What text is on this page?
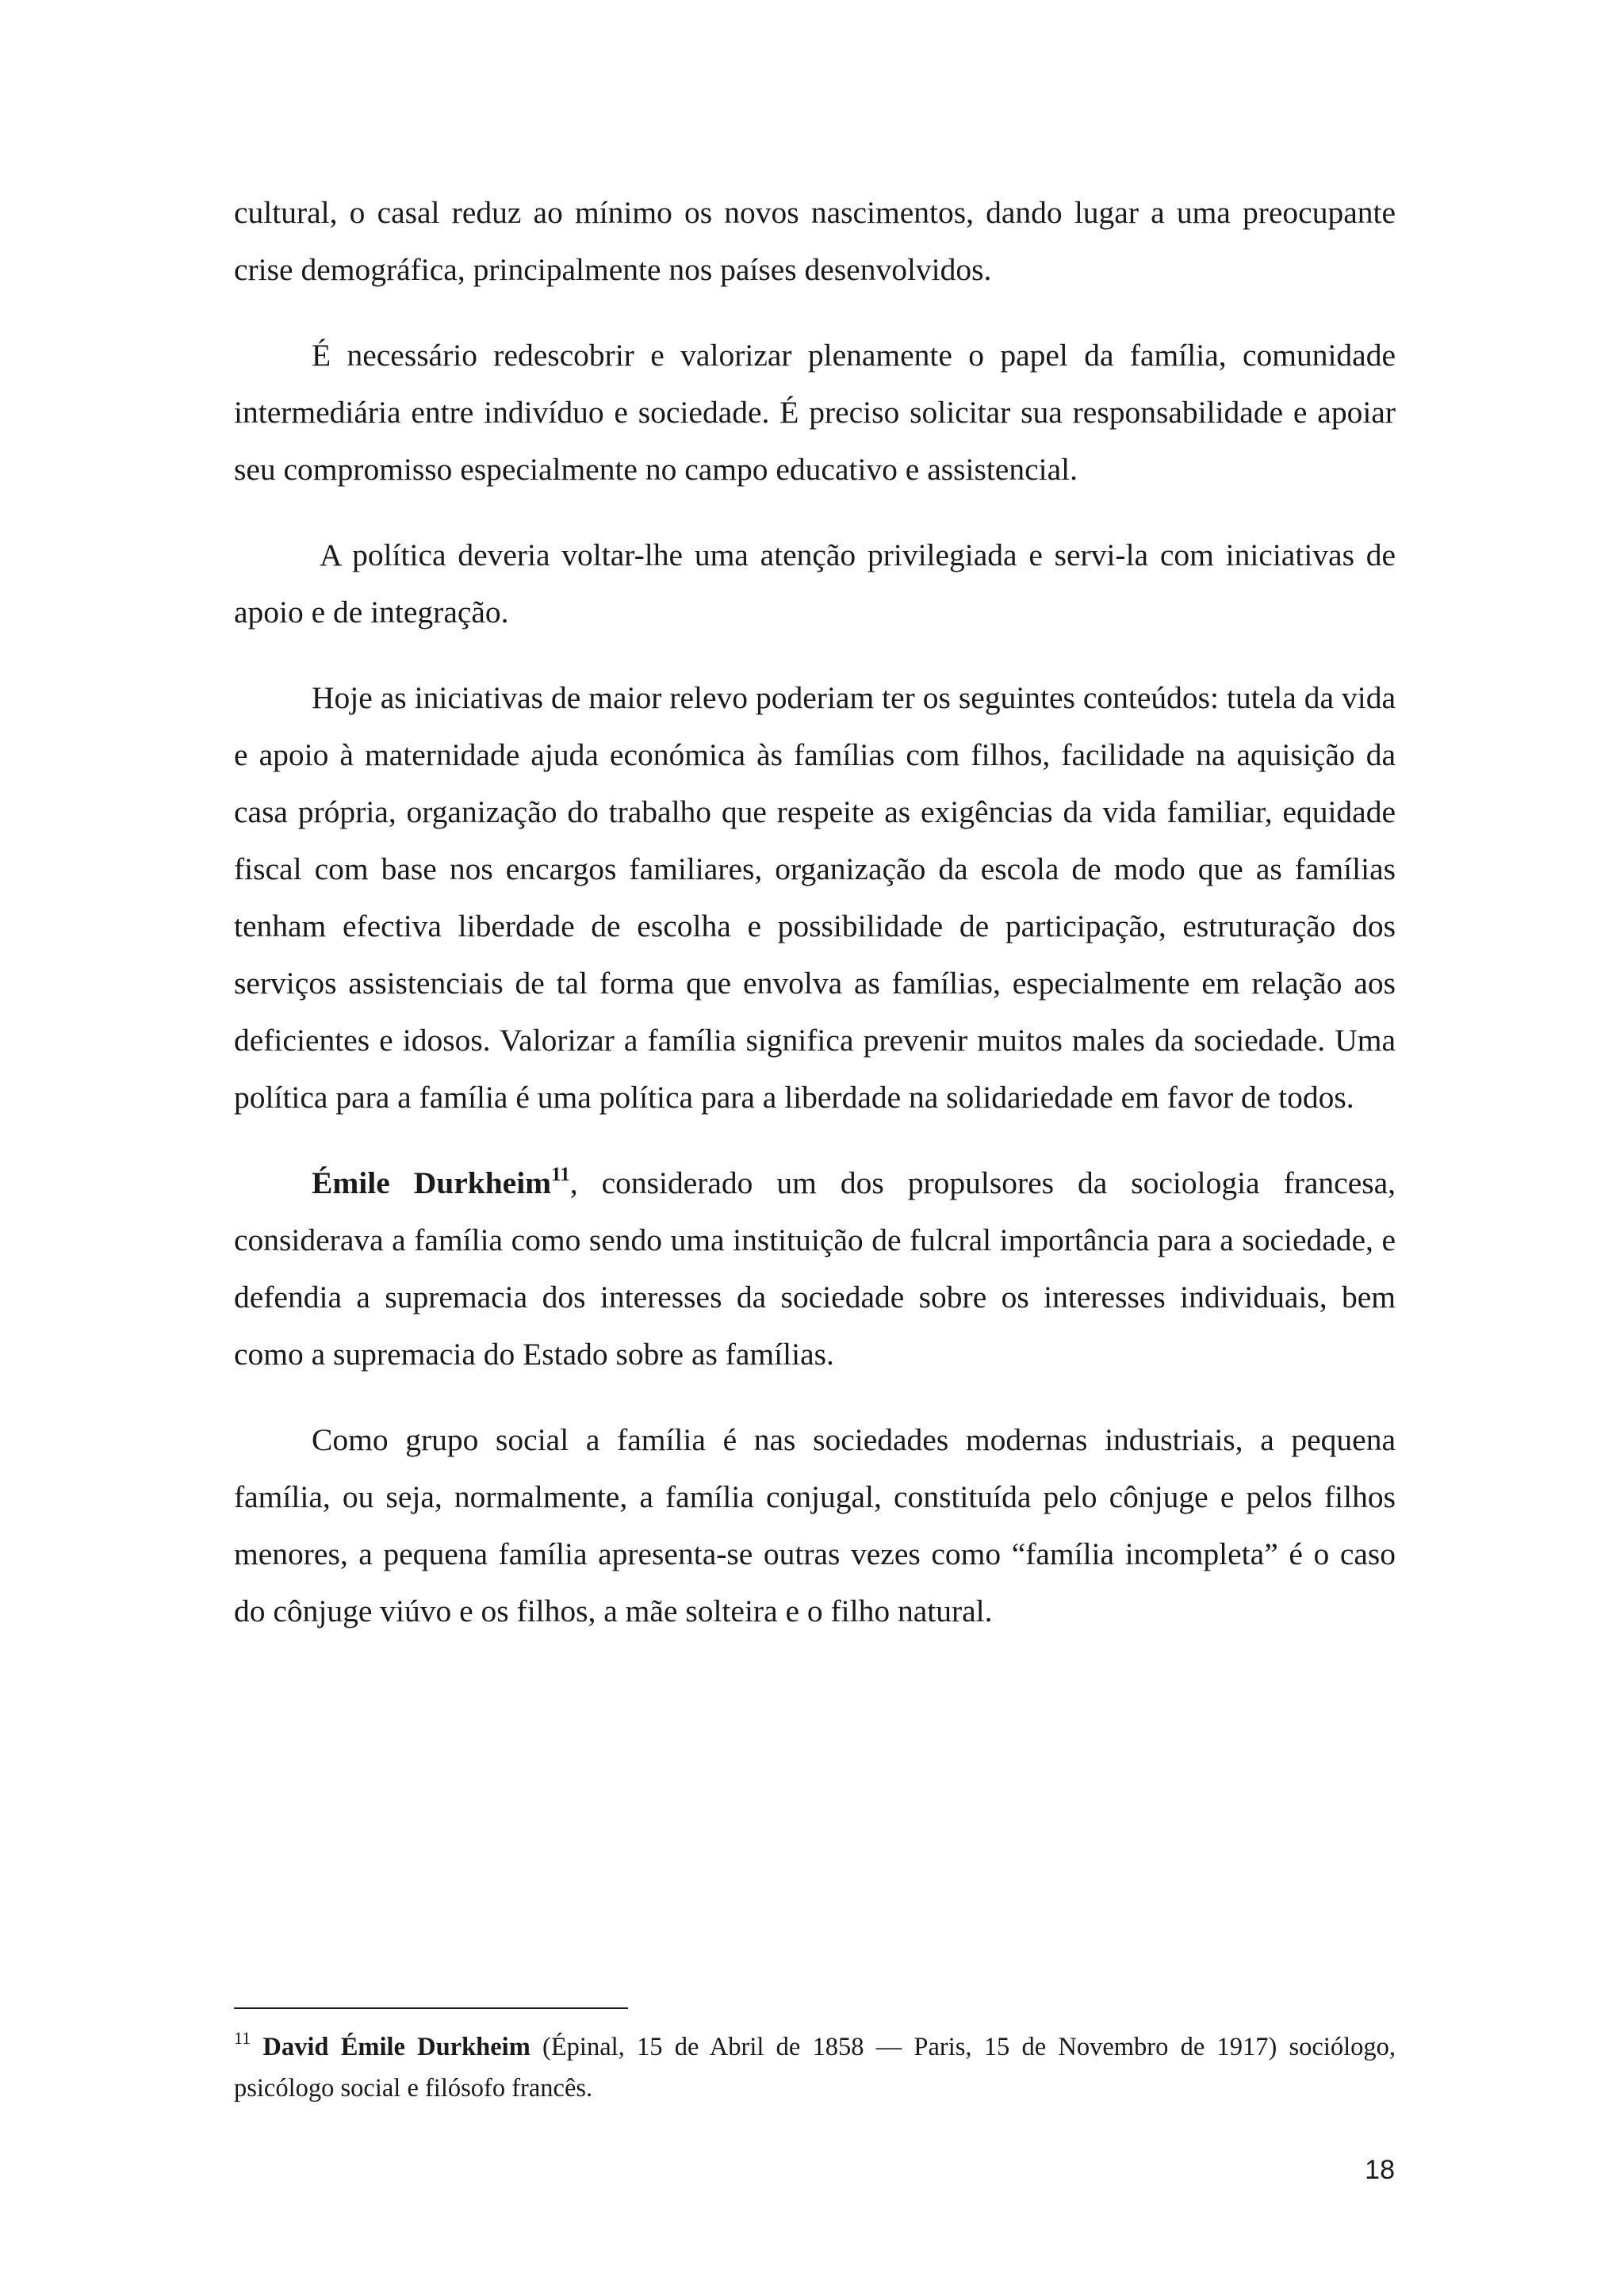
cultural, o casal reduz ao mínimo os novos nascimentos, dando lugar a uma preocupante crise demográfica, principalmente nos países desenvolvidos.

É necessário redescobrir e valorizar plenamente o papel da família, comunidade intermediária entre indivíduo e sociedade. É preciso solicitar sua responsabilidade e apoiar seu compromisso especialmente no campo educativo e assistencial.

A política deveria voltar-lhe uma atenção privilegiada e servi-la com iniciativas de apoio e de integração.

Hoje as iniciativas de maior relevo poderiam ter os seguintes conteúdos: tutela da vida e apoio à maternidade ajuda económica às famílias com filhos, facilidade na aquisição da casa própria, organização do trabalho que respeite as exigências da vida familiar, equidade fiscal com base nos encargos familiares, organização da escola de modo que as famílias tenham efectiva liberdade de escolha e possibilidade de participação, estruturação dos serviços assistenciais de tal forma que envolva as famílias, especialmente em relação aos deficientes e idosos. Valorizar a família significa prevenir muitos males da sociedade. Uma política para a família é uma política para a liberdade na solidariedade em favor de todos.

Émile Durkheim$^{11}$, considerado um dos propulsores da sociologia francesa, considerava a família como sendo uma instituição de fulcral importância para a sociedade, e defendia a supremacia dos interesses da sociedade sobre os interesses individuais, bem como a supremacia do Estado sobre as famílias.

Como grupo social a família é nas sociedades modernas industriais, a pequena família, ou seja, normalmente, a família conjugal, constituída pelo cônjuge e pelos filhos menores, a pequena família apresenta-se outras vezes como “família incompleta” é o caso do cônjuge viúvo e os filhos, a mãe solteira e o filho natural.

$^{11}$ David Émile Durkheim (Épinal, 15 de Abril de 1858 — Paris, 15 de Novembro de 1917) sociólogo, psicólogo social e filósofo francês.
18
